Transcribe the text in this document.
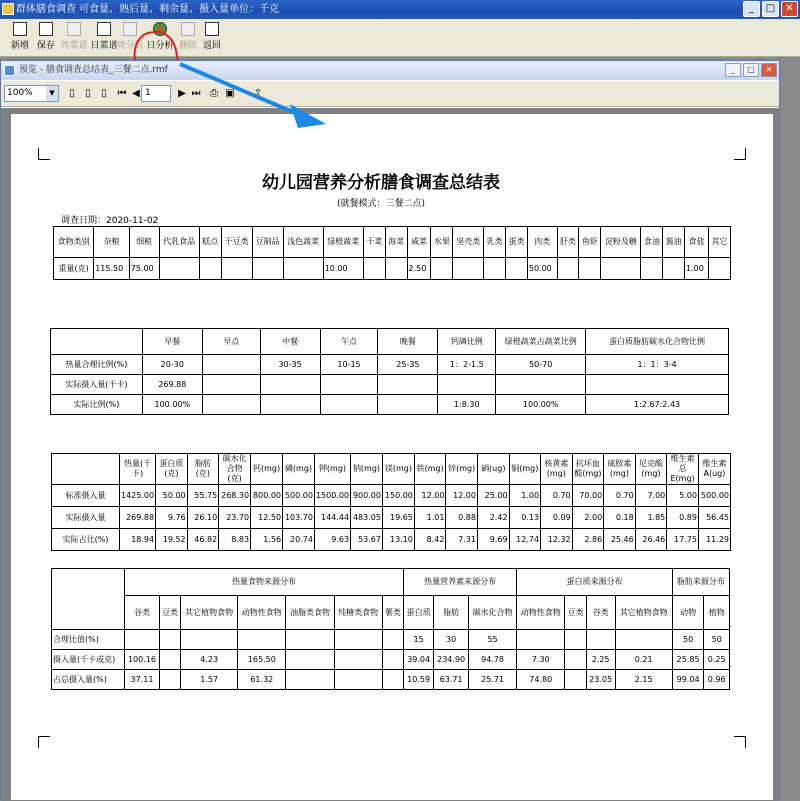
群体膳食调查 可食量、熟后量、剩余量、摄入量单位：千克	_	□	✕
新增 保存 周菜谱 日菜谱
周分析 日分析 删除 返回
预览 - 膳食调查总结表_三餐二点.rmf	_	□	✕
100%	▼	▯	▯	▯	⏮ ◀ 1	▶ ⏭ ⎙ ▣ ⇪
幼儿园营养分析膳食调查总结表
(就餐模式：三餐二点)
调查日期：2020-11-02
食物类别	杂粮	细粮	代乳食品	糕点	干豆类	豆制品	浅色蔬菜	绿橙蔬菜	干菜	海菜	咸菜	水果	坚壳类	乳类	蛋类	肉类	肝类	鱼虾	淀粉及糖	食油	酱油	食盐	其它
重量(克)	115.50	75.00						10.00			2.50					50.00						1.00	
	早餐	早点	中餐	午点	晚餐	钙磷比例	绿橙蔬菜占蔬菜比例	蛋白质脂肪碳水化合物比例
热量合理比例(%)	20-30		30-35	10-15	25-35	1：2-1.5	50-70	1：1：3-4
实际摄入量(千卡)	269.88							
实际比例(%)	100.00%					1:8.30	100.00%	1:2.67:2.43
	热量(千卡)	蛋白质(克)	脂肪(克)	碳水化合物(克)	钙(mg)	磷(mg)	钾(mg)	钠(mg)	镁(mg)	铁(mg)	锌(mg)	硒(ug)	铜(mg)	核黄素(mg)	抗坏血酸(mg)	硫胺素(mg)	尼克酸(mg)	维生素总E(mg)	维生素A(ug)
标准摄入量	1425.00	50.00	55.75	268.30	800.00	500.00	1500.00	900.00	150.00	12.00	12.00	25.00	1.00	0.70	70.00	0.70	7.00	5.00	500.00
实际摄入量	269.88	9.76	26.10	23.70	12.50	103.70	144.44	483.05	19.65	1.01	0.88	2.42	0.13	0.09	2.00	0.18	1.85	0.89	56.45
实际占比(%)	18.94	19.52	46.82	8.83	1.56	20.74	9.63	53.67	13.10	8.42	7.31	9.69	12.74	12.32	2.86	25.46	26.46	17.75	11.29
	热量食物来源分布							热量营养素来源分布			蛋白质来源分布				脂肪来源分布	
	谷类	豆类	其它植物食物	动物性食物	油脂类食物	纯糖类食物	薯类	蛋白质	脂肪	碳水化合物	动物性食物	豆类	谷类	其它植物食物	动物	植物
合理比值(%)								15	30	55					50	50
摄入量(千卡或克)	100.16		4.23	165.50				39.04	234.90	94.78	7.30		2.25	0.21	25.85	0.25
占总摄入量(%)	37.11		1.57	61.32				10.59	63.71	25.71	74.80		23.05	2.15	99.04	0.96
